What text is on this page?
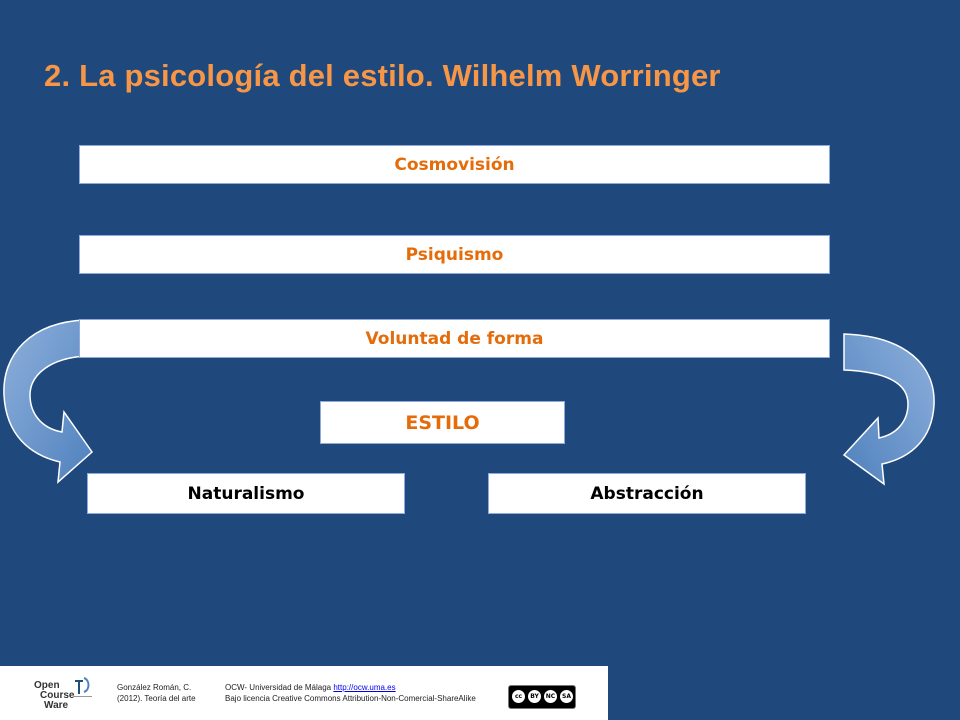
2. La psicología del estilo. Wilhelm Worringer
Cosmovisión
Psiquismo
Voluntad de forma
ESTILO
Naturalismo	Abstracción
Open
Course
Ware
González Román, C.
(2012). Teoría del arte
OCW- Universidad de Málaga http://ocw.uma.es
Bajo licencia Creative Commons Attribution-Non-Comercial-ShareAlike	cc	BY	NC	SA
